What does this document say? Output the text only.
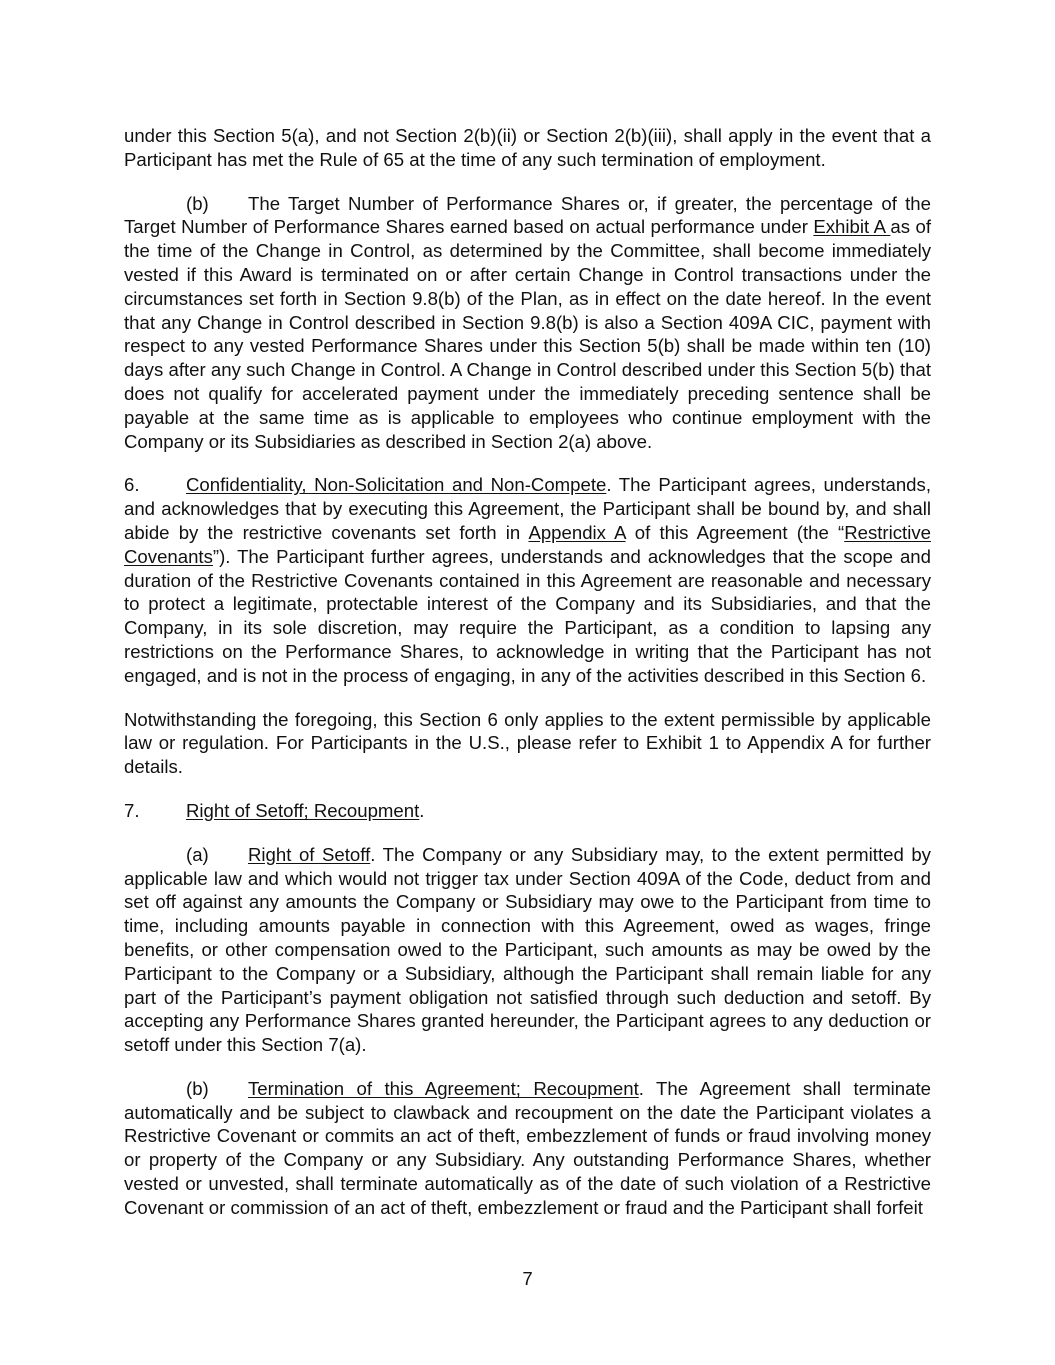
under this Section 5(a), and not Section 2(b)(ii) or Section 2(b)(iii), shall apply in the event that a Participant has met the Rule of 65 at the time of any such termination of employment.

(b) The Target Number of Performance Shares or, if greater, the percentage of the Target Number of Performance Shares earned based on actual performance under Exhibit A as of the time of the Change in Control, as determined by the Committee, shall become immediately vested if this Award is terminated on or after certain Change in Control transactions under the circumstances set forth in Section 9.8(b) of the Plan, as in effect on the date hereof. In the event that any Change in Control described in Section 9.8(b) is also a Section 409A CIC, payment with respect to any vested Performance Shares under this Section 5(b) shall be made within ten (10) days after any such Change in Control. A Change in Control described under this Section 5(b) that does not qualify for accelerated payment under the immediately preceding sentence shall be payable at the same time as is applicable to employees who continue employment with the Company or its Subsidiaries as described in Section 2(a) above.

6. Confidentiality, Non-Solicitation and Non-Compete. The Participant agrees, understands, and acknowledges that by executing this Agreement, the Participant shall be bound by, and shall abide by the restrictive covenants set forth in Appendix A of this Agreement (the “Restrictive Covenants”). The Participant further agrees, understands and acknowledges that the scope and duration of the Restrictive Covenants contained in this Agreement are reasonable and necessary to protect a legitimate, protectable interest of the Company and its Subsidiaries, and that the Company, in its sole discretion, may require the Participant, as a condition to lapsing any restrictions on the Performance Shares, to acknowledge in writing that the Participant has not engaged, and is not in the process of engaging, in any of the activities described in this Section 6.

Notwithstanding the foregoing, this Section 6 only applies to the extent permissible by applicable law or regulation. For Participants in the U.S., please refer to Exhibit 1 to Appendix A for further details.

7. Right of Setoff; Recoupment.

(a) Right of Setoff. The Company or any Subsidiary may, to the extent permitted by applicable law and which would not trigger tax under Section 409A of the Code, deduct from and set off against any amounts the Company or Subsidiary may owe to the Participant from time to time, including amounts payable in connection with this Agreement, owed as wages, fringe benefits, or other compensation owed to the Participant, such amounts as may be owed by the Participant to the Company or a Subsidiary, although the Participant shall remain liable for any part of the Participant’s payment obligation not satisfied through such deduction and setoff. By accepting any Performance Shares granted hereunder, the Participant agrees to any deduction or setoff under this Section 7(a).

(b) Termination of this Agreement; Recoupment. The Agreement shall terminate automatically and be subject to clawback and recoupment on the date the Participant violates a Restrictive Covenant or commits an act of theft, embezzlement of funds or fraud involving money or property of the Company or any Subsidiary. Any outstanding Performance Shares, whether vested or unvested, shall terminate automatically as of the date of such violation of a Restrictive Covenant or commission of an act of theft, embezzlement or fraud and the Participant shall forfeit

7
